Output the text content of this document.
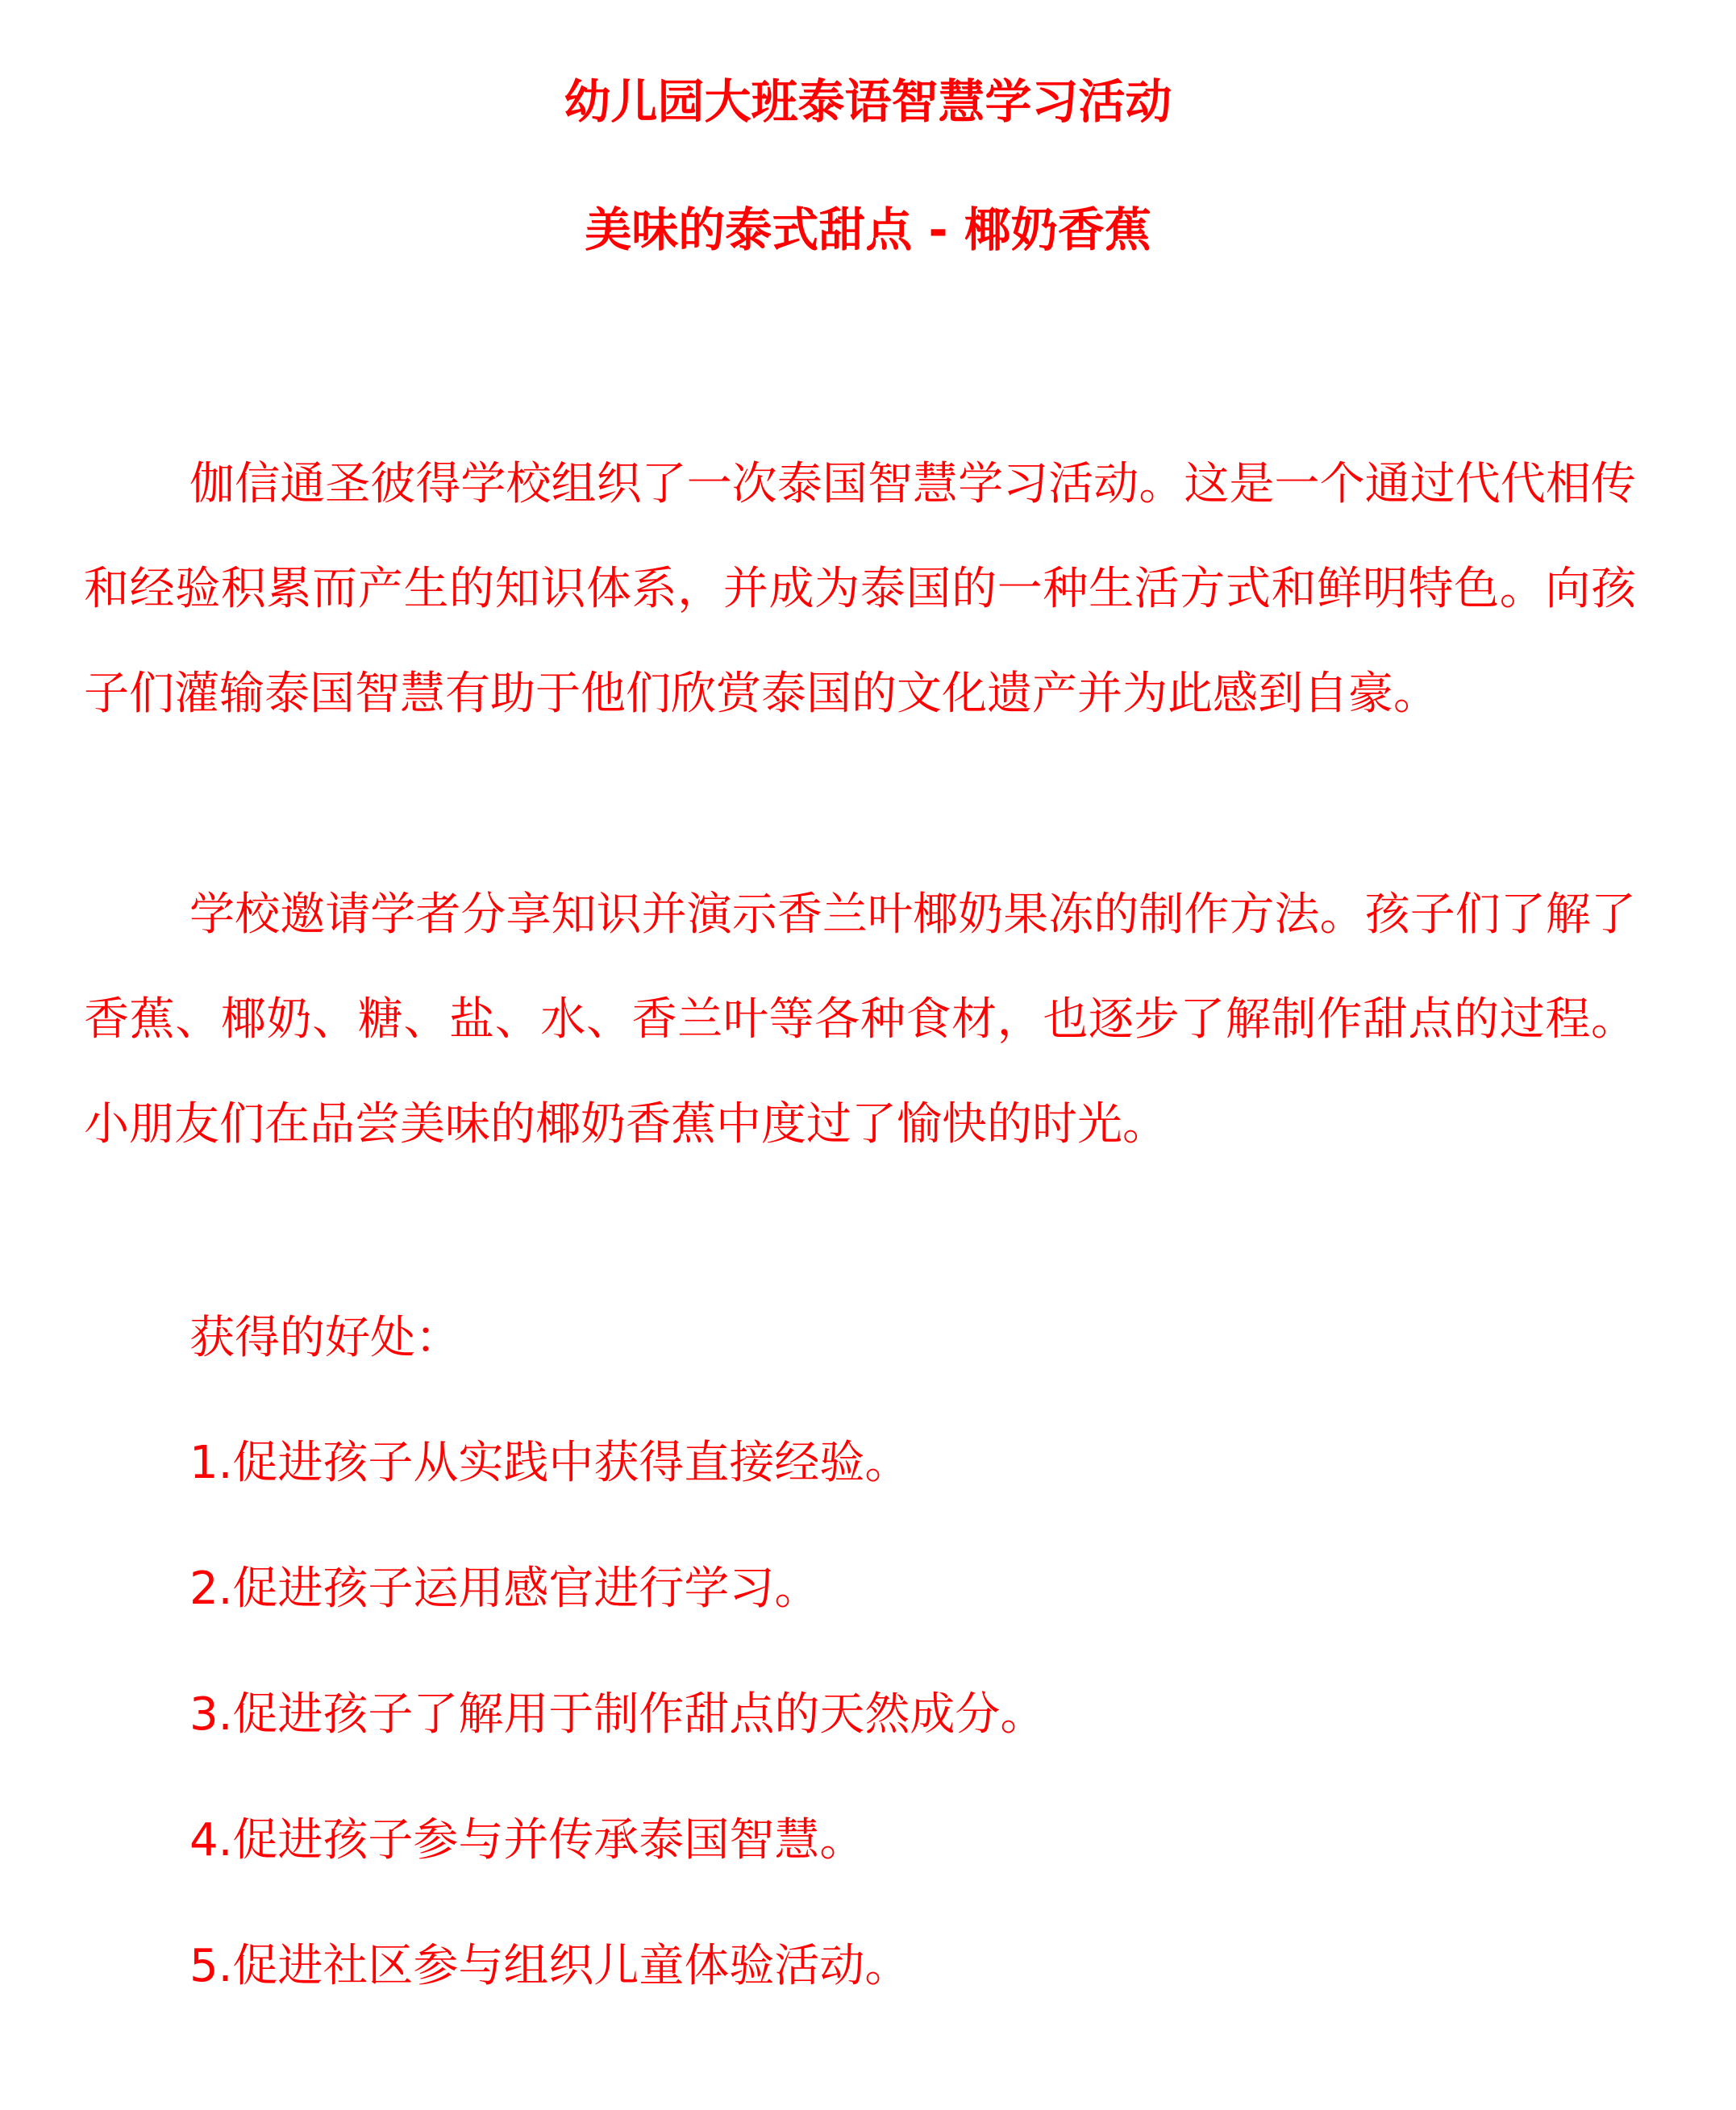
幼儿园大班泰语智慧学习活动
美味的泰式甜点 - 椰奶香蕉
伽信通圣彼得学校组织了一次泰国智慧学习活动。这是一个通过代代相传和经验积累而产生的知识体系，并成为泰国的一种生活方式和鲜明特色。向孩子们灌输泰国智慧有助于他们欣赏泰国的文化遗产并为此感到自豪。
学校邀请学者分享知识并演示香兰叶椰奶果冻的制作方法。孩子们了解了香蕉、椰奶、糖、盐、水、香兰叶等各种食材，也逐步了解制作甜点的过程。小朋友们在品尝美味的椰奶香蕉中度过了愉快的时光。
获得的好处：
1.促进孩子从实践中获得直接经验。
2.促进孩子运用感官进行学习。
3.促进孩子了解用于制作甜点的天然成分。
4.促进孩子参与并传承泰国智慧。
5.促进社区参与组织儿童体验活动。
